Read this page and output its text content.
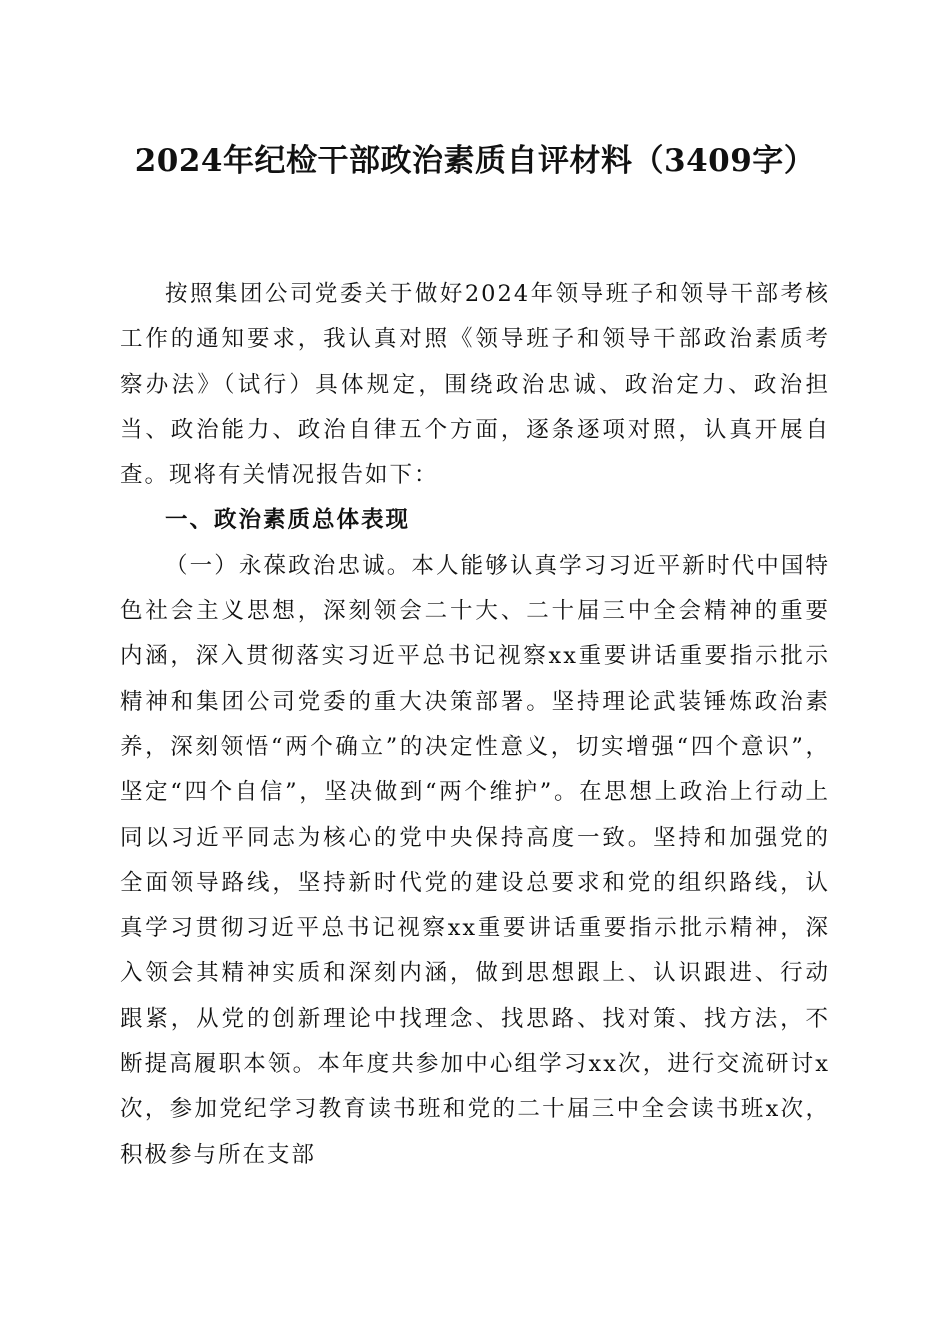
2024年纪检干部政治素质自评材料（3409字）

按照集团公司党委关于做好2024年领导班子和领导干部考核工作的通知要求，我认真对照《领导班子和领导干部政治素质考察办法》（试行）具体规定，围绕政治忠诚、政治定力、政治担当、政治能力、政治自律五个方面，逐条逐项对照，认真开展自查。现将有关情况报告如下：

一、政治素质总体表现

（一）永葆政治忠诚。本人能够认真学习习近平新时代中国特色社会主义思想，深刻领会二十大、二十届三中全会精神的重要内涵，深入贯彻落实习近平总书记视察xx重要讲话重要指示批示精神和集团公司党委的重大决策部署。坚持理论武装锤炼政治素养，深刻领悟“两个确立”的决定性意义，切实增强“四个意识”，坚定“四个自信”，坚决做到“两个维护”。在思想上政治上行动上同以习近平同志为核心的党中央保持高度一致。坚持和加强党的全面领导路线，坚持新时代党的建设总要求和党的组织路线，认真学习贯彻习近平总书记视察xx重要讲话重要指示批示精神，深入领会其精神实质和深刻内涵，做到思想跟上、认识跟进、行动跟紧，从党的创新理论中找理念、找思路、找对策、找方法，不断提高履职本领。本年度共参加中心组学习xx次，进行交流研讨x次，参加党纪学习教育读书班和党的二十届三中全会读书班x次，积极参与所在支部
